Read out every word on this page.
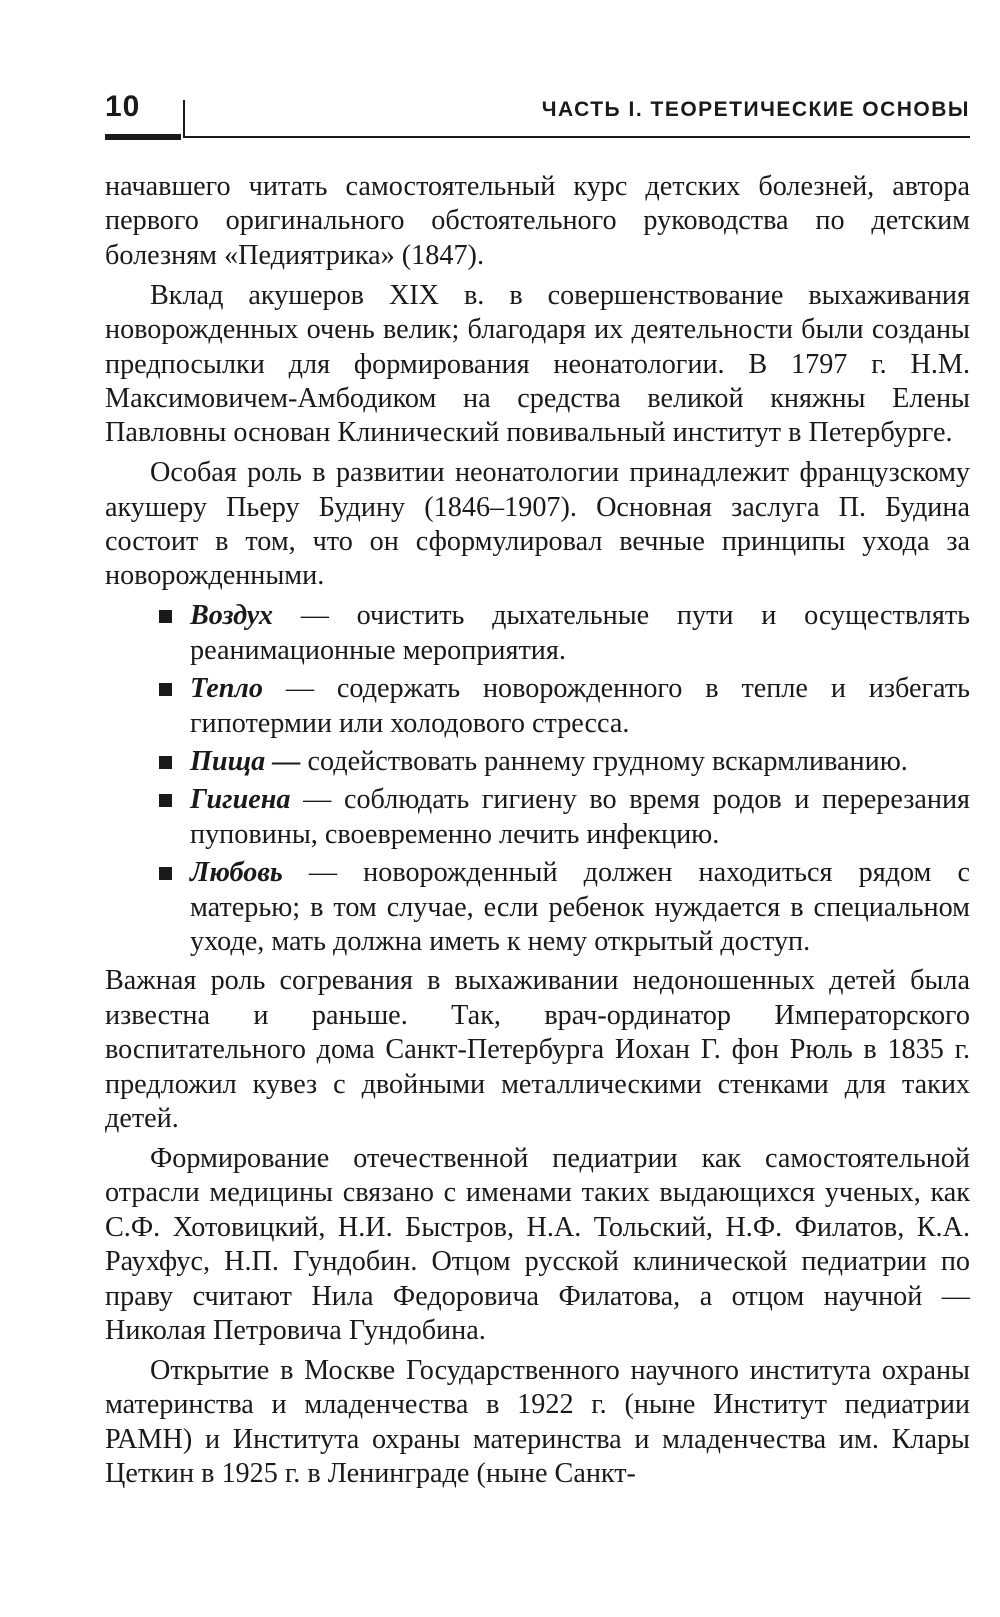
10	ЧАСТЬ I. ТЕОРЕТИЧЕСКИЕ ОСНОВЫ

начавшего читать самостоятельный курс детских болезней, автора первого оригинального обстоятельного руководства по детским болезням «Педиятрика» (1847).

Вклад акушеров XIX в. в совершенствование выхаживания новорожденных очень велик; благодаря их деятельности были созданы предпосылки для формирования неонатологии. В 1797 г. Н.М. Максимовичем-Амбодиком на средства великой княжны Елены Павловны основан Клинический повивальный институт в Петербурге.

Особая роль в развитии неонатологии принадлежит французскому акушеру Пьеру Будину (1846–1907). Основная заслуга П. Будина состоит в том, что он сформулировал вечные принципы ухода за новорожденными.

Воздух — очистить дыхательные пути и осуществлять реанимационные мероприятия.
Тепло — содержать новорожденного в тепле и избегать гипотермии или холодового стресса.
Пища — содействовать раннему грудному вскармливанию.
Гигиена — соблюдать гигиену во время родов и перерезания пуповины, своевременно лечить инфекцию.
Любовь — новорожденный должен находиться рядом с матерью; в том случае, если ребенок нуждается в специальном уходе, мать должна иметь к нему открытый доступ.

Важная роль согревания в выхаживании недоношенных детей была известна и раньше. Так, врач-ординатор Императорского воспитательного дома Санкт-Петербурга Иохан Г. фон Рюль в 1835 г. предложил кувез с двойными металлическими стенками для таких детей.

Формирование отечественной педиатрии как самостоятельной отрасли медицины связано с именами таких выдающихся ученых, как С.Ф. Хотовицкий, Н.И. Быстров, Н.А. Тольский, Н.Ф. Филатов, К.А. Раухфус, Н.П. Гундобин. Отцом русской клинической педиатрии по праву считают Нила Федоровича Филатова, а отцом научной — Николая Петровича Гундобина.

Открытие в Москве Государственного научного института охраны материнства и младенчества в 1922 г. (ныне Институт педиатрии РАМН) и Института охраны материнства и младенчества им. Клары Цеткин в 1925 г. в Ленинграде (ныне Санкт-
